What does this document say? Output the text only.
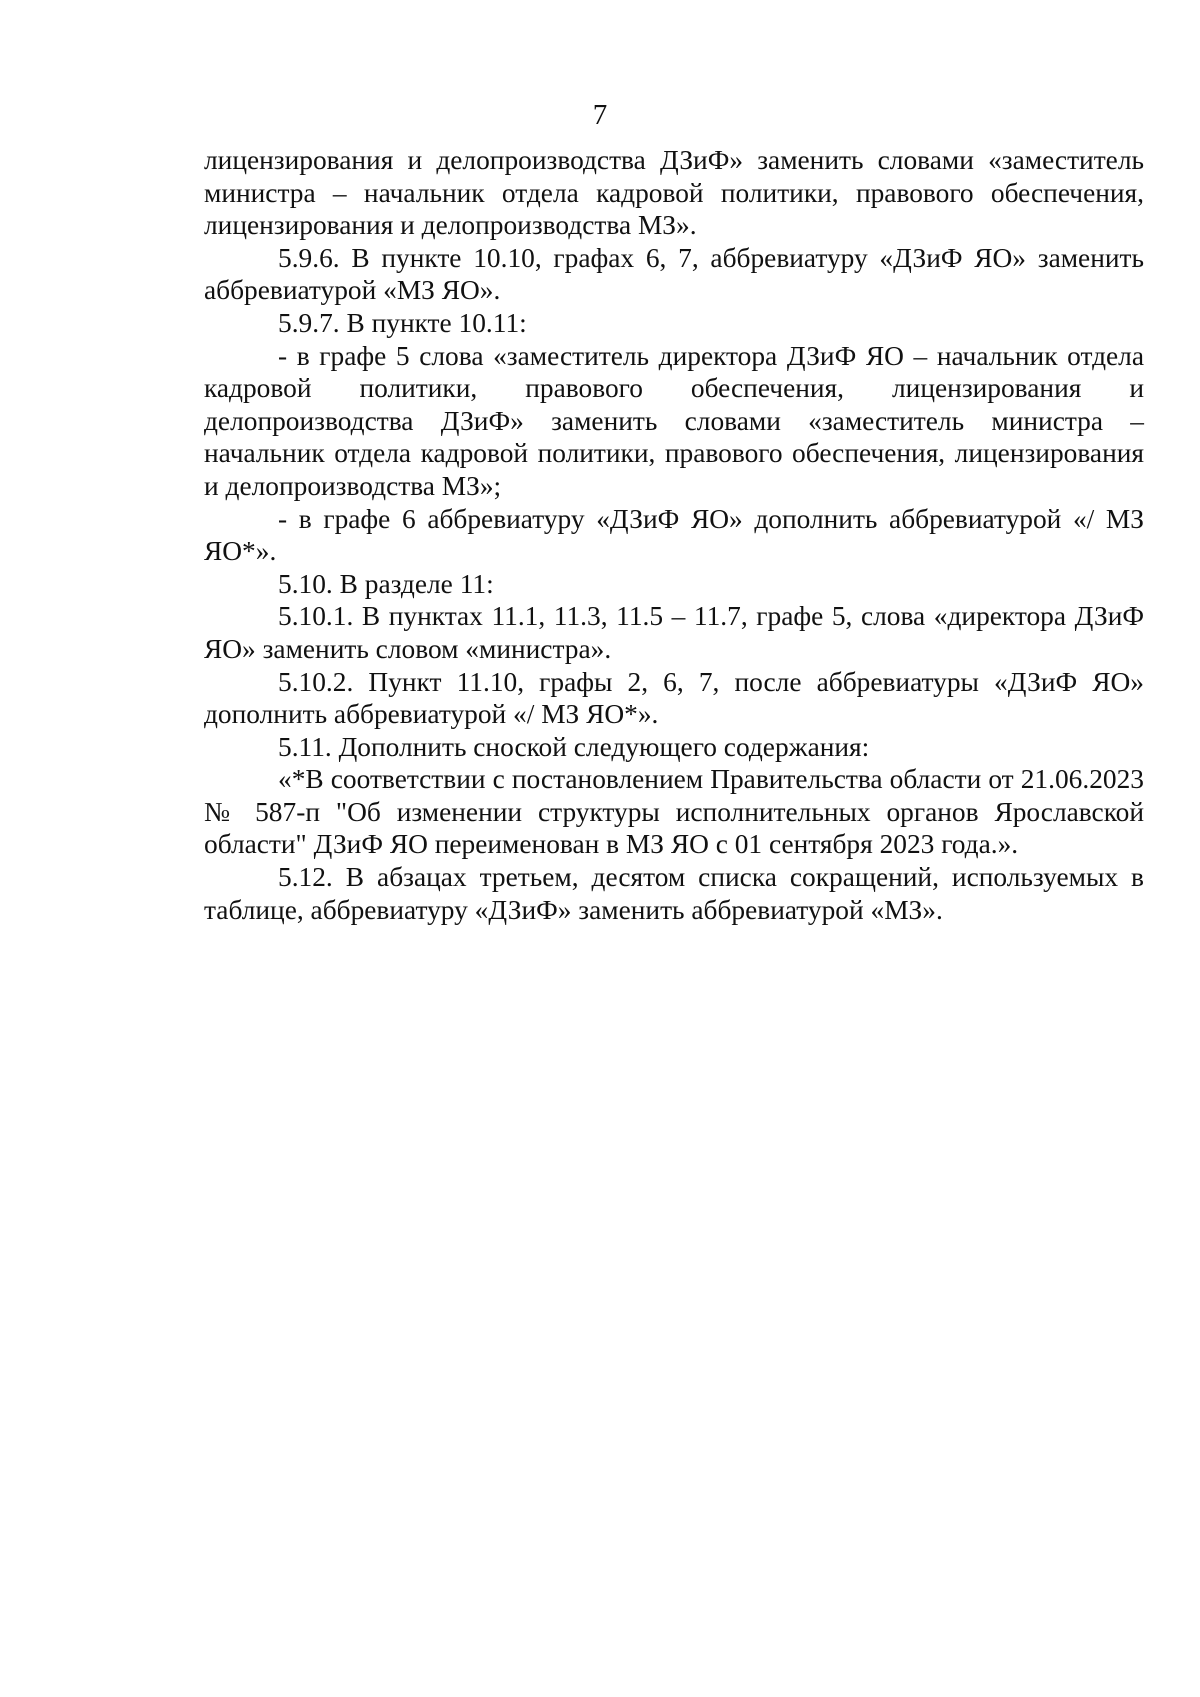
7

лицензирования и делопроизводства ДЗиФ» заменить словами «заместитель министра – начальник отдела кадровой политики, правового обеспечения, лицензирования и делопроизводства МЗ».

5.9.6. В пункте 10.10, графах 6, 7, аббревиатуру «ДЗиФ ЯО» заменить аббревиатурой «МЗ ЯО».

5.9.7. В пункте 10.11:

- в графе 5 слова «заместитель директора ДЗиФ ЯО – начальник отдела кадровой политики, правового обеспечения, лицензирования и делопроизводства ДЗиФ» заменить словами «заместитель министра – начальник отдела кадровой политики, правового обеспечения, лицензирования и делопроизводства МЗ»;

- в графе 6 аббревиатуру «ДЗиФ ЯО» дополнить аббревиатурой «/ МЗ ЯО*».

5.10. В разделе 11:

5.10.1. В пунктах 11.1, 11.3, 11.5 – 11.7, графе 5, слова «директора ДЗиФ ЯО» заменить словом «министра».

5.10.2. Пункт 11.10, графы 2, 6, 7, после аббревиатуры «ДЗиФ ЯО» дополнить аббревиатурой «/ МЗ ЯО*».

5.11. Дополнить сноской следующего содержания:

«*В соответствии с постановлением Правительства области от 21.06.2023 № 587-п "Об изменении структуры исполнительных органов Ярославской области" ДЗиФ ЯО переименован в МЗ ЯО с 01 сентября 2023 года.».

5.12. В абзацах третьем, десятом списка сокращений, используемых в таблице, аббревиатуру «ДЗиФ» заменить аббревиатурой «МЗ».
